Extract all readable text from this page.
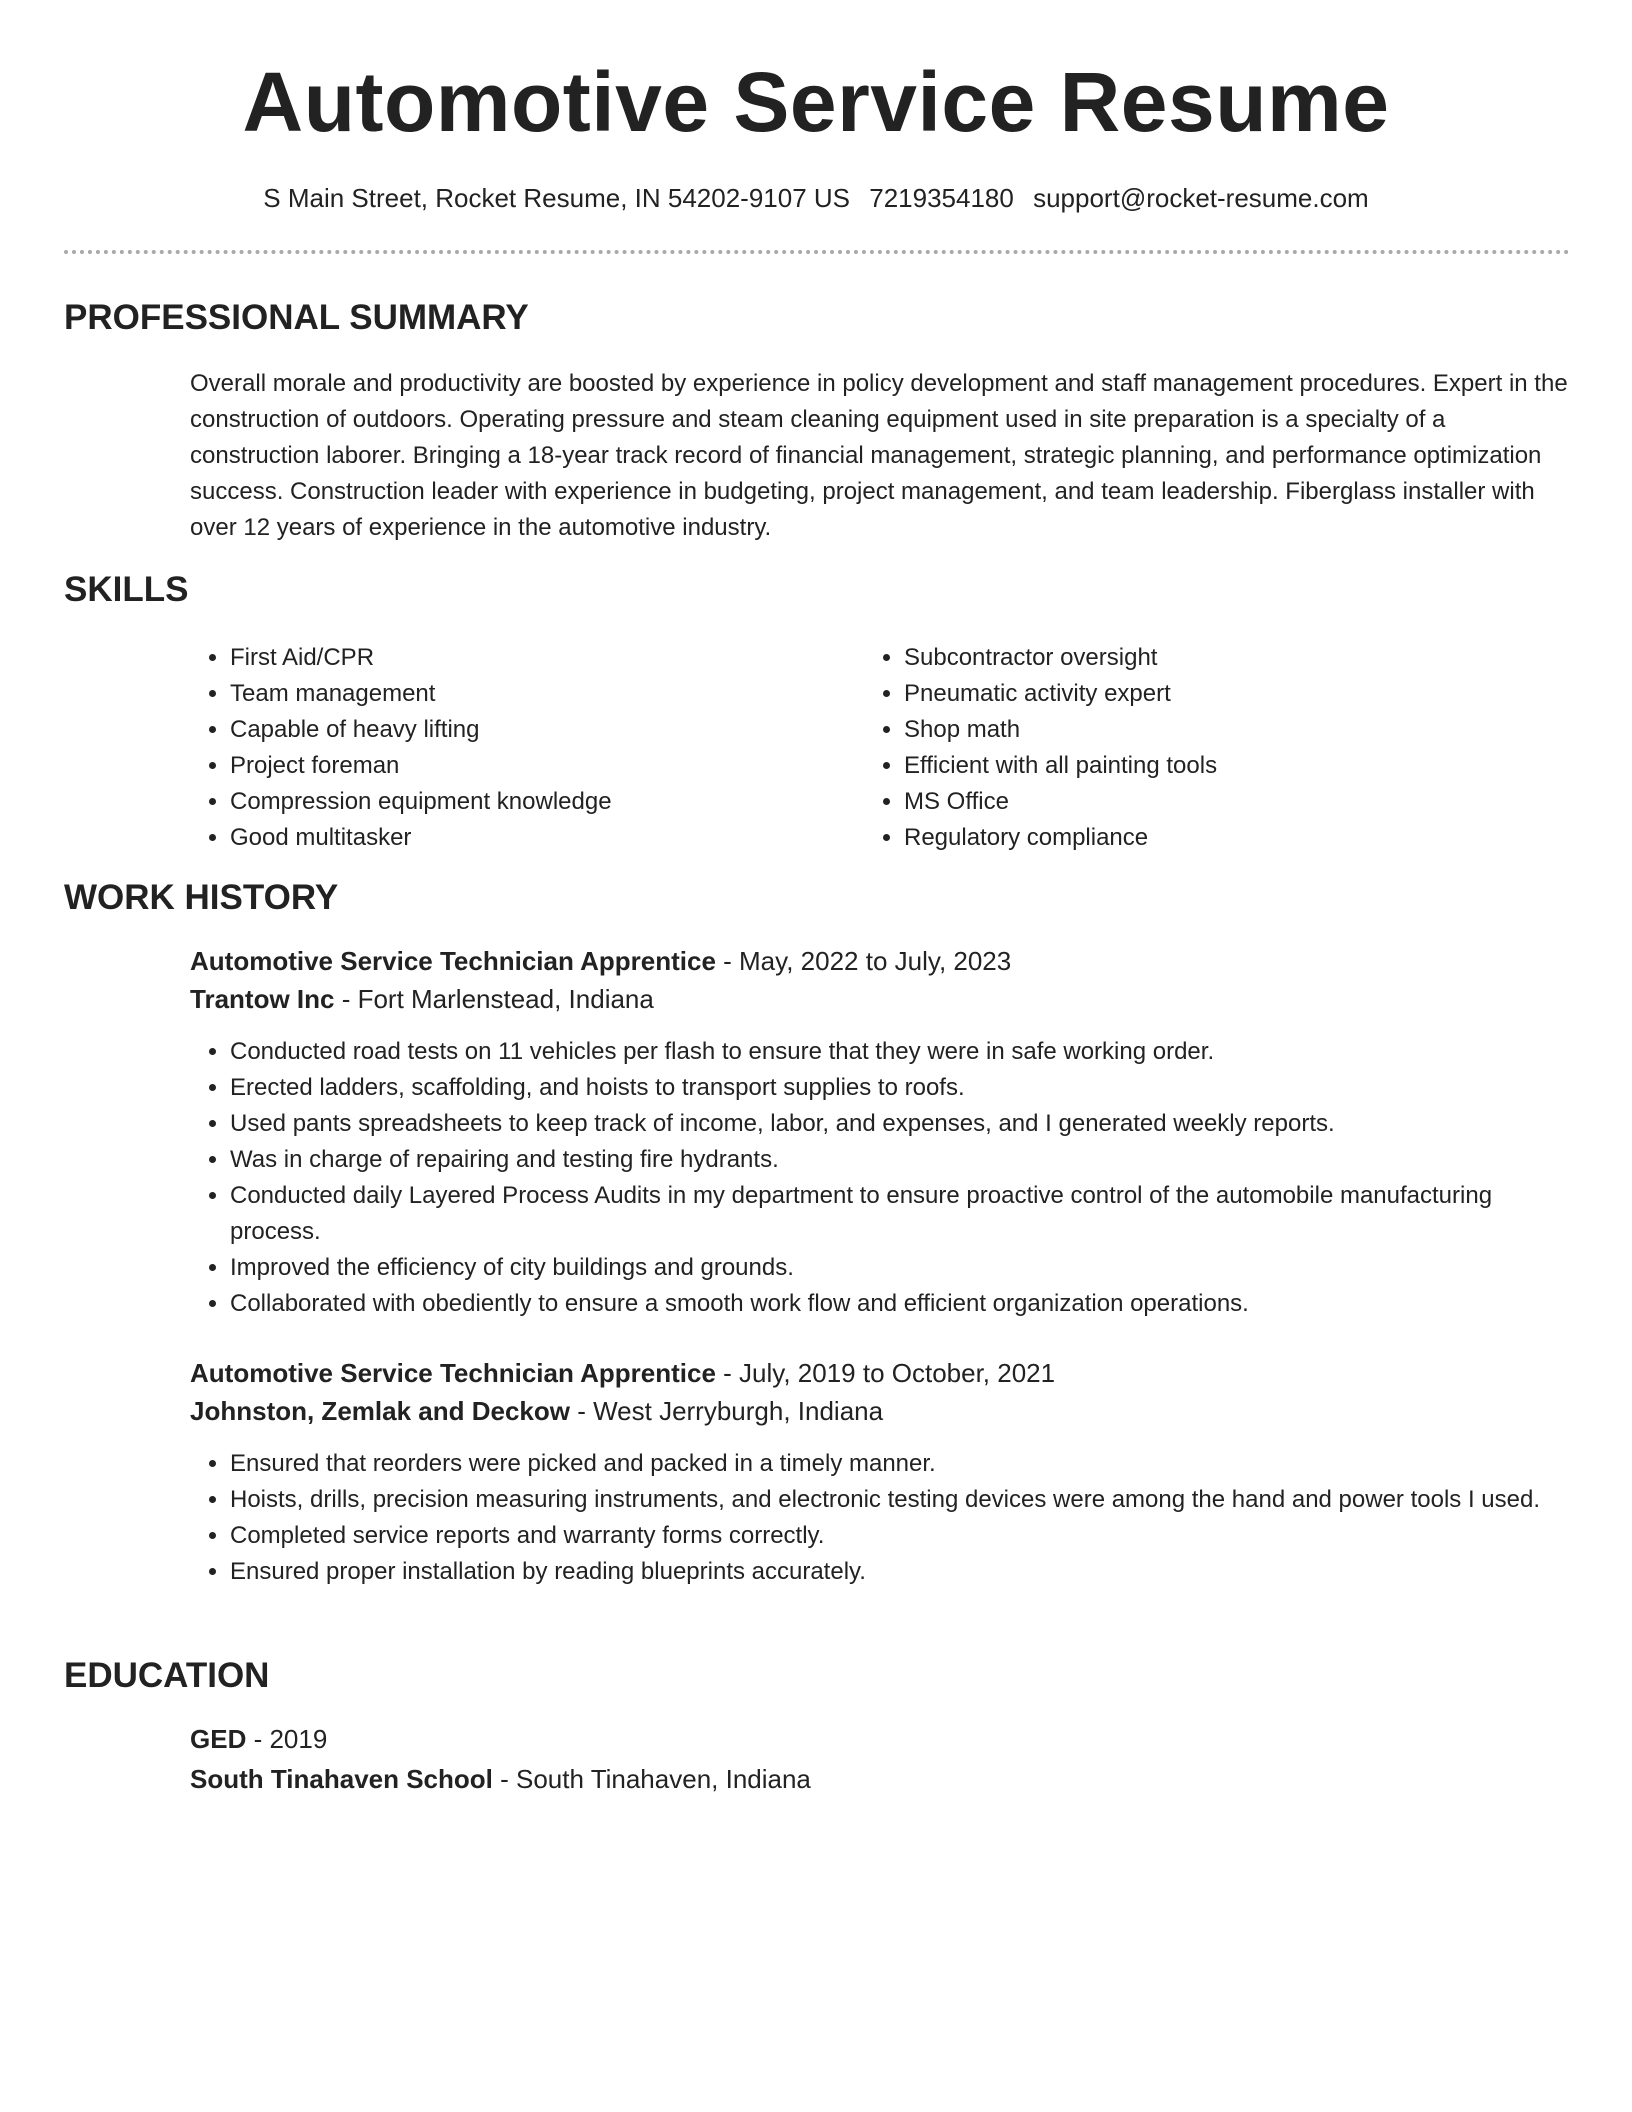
Automotive Service Resume
S Main Street, Rocket Resume, IN 54202-9107 US 7219354180 support@rocket-resume.com
PROFESSIONAL SUMMARY

Overall morale and productivity are boosted by experience in policy development and staff management procedures. Expert in the construction of outdoors. Operating pressure and steam cleaning equipment used in site preparation is a specialty of a construction laborer. Bringing a 18-year track record of financial management, strategic planning, and performance optimization success. Construction leader with experience in budgeting, project management, and team leadership. Fiberglass installer with over 12 years of experience in the automotive industry.

SKILLS
• First Aid/CPR
• Team management
• Capable of heavy lifting
• Project foreman
• Compression equipment knowledge
• Good multitasker
• Subcontractor oversight
• Pneumatic activity expert
• Shop math
• Efficient with all painting tools
• MS Office
• Regulatory compliance
WORK HISTORY
Automotive Service Technician Apprentice - May, 2022 to July, 2023
Trantow Inc - Fort Marlenstead, Indiana
• Conducted road tests on 11 vehicles per flash to ensure that they were in safe working order.
• Erected ladders, scaffolding, and hoists to transport supplies to roofs.
• Used pants spreadsheets to keep track of income, labor, and expenses, and I generated weekly reports.
• Was in charge of repairing and testing fire hydrants.
• Conducted daily Layered Process Audits in my department to ensure proactive control of the automobile manufacturing process.
• Improved the efficiency of city buildings and grounds.
• Collaborated with obediently to ensure a smooth work flow and efficient organization operations.
Automotive Service Technician Apprentice - July, 2019 to October, 2021
Johnston, Zemlak and Deckow - West Jerryburgh, Indiana
• Ensured that reorders were picked and packed in a timely manner.
• Hoists, drills, precision measuring instruments, and electronic testing devices were among the hand and power tools I used.
• Completed service reports and warranty forms correctly.
• Ensured proper installation by reading blueprints accurately.
EDUCATION
GED - 2019
South Tinahaven School - South Tinahaven, Indiana
